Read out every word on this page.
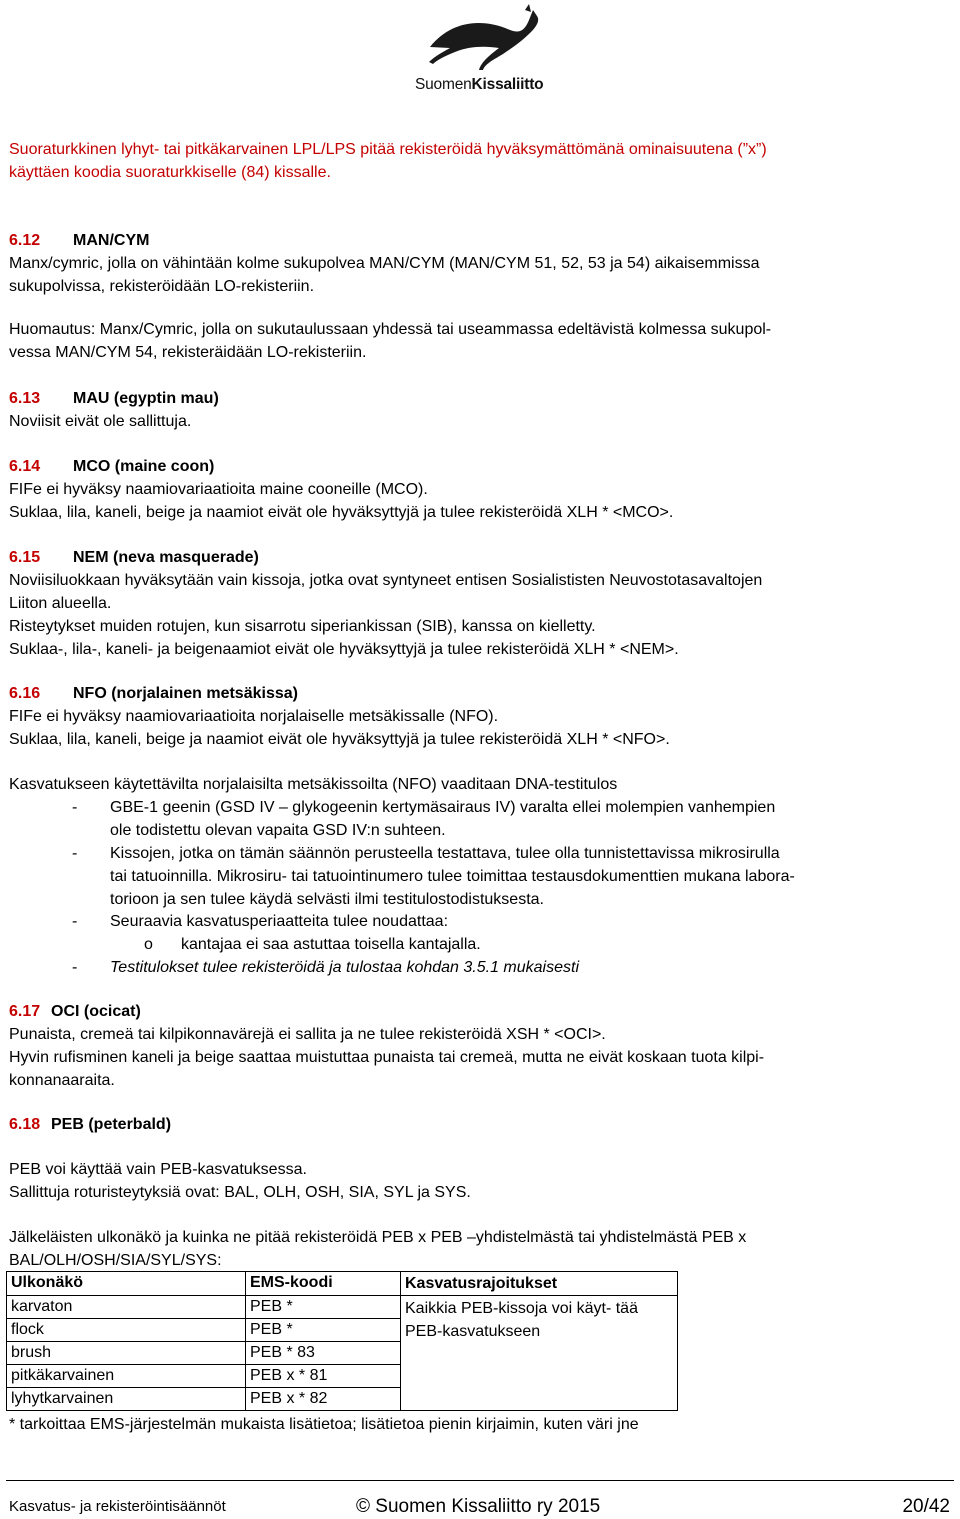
SuomenKissaliitto
Suoraturkkinen lyhyt- tai pitkäkarvainen LPL/LPS pitää rekisteröidä hyväksymättömänä ominaisuutena (”x”)
käyttäen koodia suoraturkkiselle (84) kissalle.
6.12 MAN/CYM
Manx/cymric, jolla on vähintään kolme sukupolvea MAN/CYM (MAN/CYM 51, 52, 53 ja 54) aikaisemmissa
sukupolvissa, rekisteröidään LO-rekisteriin.
Huomautus: Manx/Cymric, jolla on sukutaulussaan yhdessä tai useammassa edeltävistä kolmessa sukupol-
vessa MAN/CYM 54, rekisteräidään LO-rekisteriin.
6.13 MAU (egyptin mau)
Noviisit eivät ole sallittuja.
6.14 MCO (maine coon)
FIFe ei hyväksy naamiovariaatioita maine cooneille (MCO).
Suklaa, lila, kaneli, beige ja naamiot eivät ole hyväksyttyjä ja tulee rekisteröidä XLH * <MCO>.
6.15 NEM (neva masquerade)
Noviisiluokkaan hyväksytään vain kissoja, jotka ovat syntyneet entisen Sosialististen Neuvostotasavaltojen
Liiton alueella.
Risteytykset muiden rotujen, kun sisarrotu siperiankissan (SIB), kanssa on kielletty.
Suklaa-, lila-, kaneli- ja beigenaamiot eivät ole hyväksyttyjä ja tulee rekisteröidä XLH * <NEM>.
6.16 NFO (norjalainen metsäkissa)
FIFe ei hyväksy naamiovariaatioita norjalaiselle metsäkissalle (NFO).
Suklaa, lila, kaneli, beige ja naamiot eivät ole hyväksyttyjä ja tulee rekisteröidä XLH * <NFO>.
Kasvatukseen käytettävilta norjalaisilta metsäkissoilta (NFO) vaaditaan DNA-testitulos
- GBE-1 geenin (GSD IV – glykogeenin kertymäsairaus IV) varalta ellei molempien vanhempien
ole todistettu olevan vapaita GSD IV:n suhteen.
- Kissojen, jotka on tämän säännön perusteella testattava, tulee olla tunnistettavissa mikrosirulla
tai tatuoinnilla. Mikrosiru- tai tatuointinumero tulee toimittaa testausdokumenttien mukana labora-
torioon ja sen tulee käydä selvästi ilmi testitulostodistuksesta.
- Seuraavia kasvatusperiaatteita tulee noudattaa:
o kantajaa ei saa astuttaa toisella kantajalla.
- Testitulokset tulee rekisteröidä ja tulostaa kohdan 3.5.1 mukaisesti
6.17 OCI (ocicat)
Punaista, cremeä tai kilpikonnavärejä ei sallita ja ne tulee rekisteröidä XSH * <OCI>.
Hyvin rufisminen kaneli ja beige saattaa muistuttaa punaista tai cremeä, mutta ne eivät koskaan tuota kilpi-
konnanaaraita.
6.18 PEB (peterbald)
PEB voi käyttää vain PEB-kasvatuksessa.
Sallittuja roturisteytyksiä ovat: BAL, OLH, OSH, SIA, SYL ja SYS.
Jälkeläisten ulkonäkö ja kuinka ne pitää rekisteröidä PEB x PEB –yhdistelmästä tai yhdistelmästä PEB x
BAL/OLH/OSH/SIA/SYL/SYS:
Ulkonäkö	EMS-koodi	Kasvatusrajoitukset
karvaton	PEB *	Kaikkia PEB-kissoja voi käyt- tää PEB-kasvatukseen
flock	PEB *	
brush	PEB * 83	
pitkäkarvainen	PEB x * 81	
lyhytkarvainen	PEB x * 82	
* tarkoittaa EMS-järjestelmän mukaista lisätietoa; lisätietoa pienin kirjaimin, kuten väri jne
Kasvatus- ja rekisteröintisäännöt	© Suomen Kissaliitto ry 2015	20/42
